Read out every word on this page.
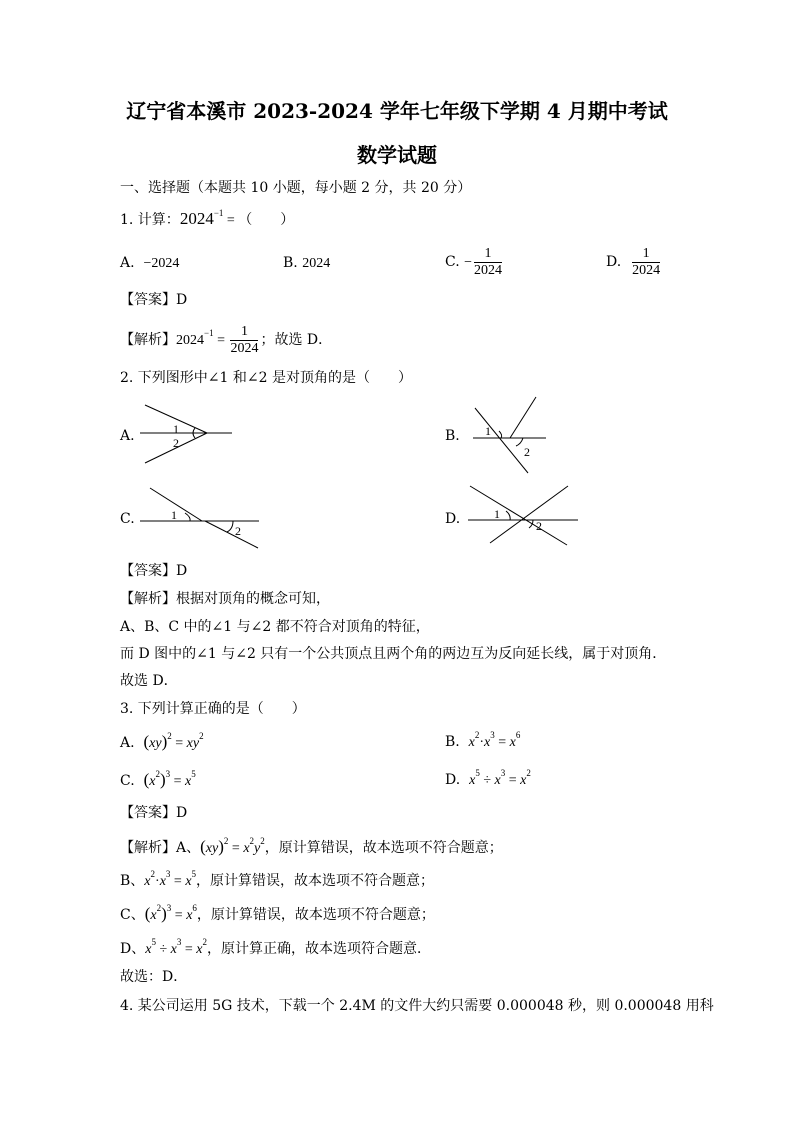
辽宁省本溪市 2023-2024 学年七年级下学期 4 月期中考试
数学试题
一、选择题（本题共 10 小题，每小题 2 分，共 20 分）
1. 计算：$2024^{-1}$ = （　　）
A. −2024	B. 2024	C. − $\frac{1}{2024}$	D. $\frac{1}{2024}$
【答案】D
【解析】$2024^{-1} = \frac{1}{2024}$ ；故选 D．
2. 下列图形中∠1 和∠2 是对顶角的是（　　）
A.	1
2	B. 1
2
C.	1
2
D.	1
2
【答案】D
【解析】根据对顶角的概念可知，
A、B、C 中的∠1 与∠2 都不符合对顶角的特征，
而 D 图中的∠1 与∠2 只有一个公共顶点且两个角的两边互为反向延长线，属于对顶角．
故选 D．
3. 下列计算正确的是（　　）
A. $(xy)^2 = xy^2$	B. $x^2\cdot x^3 = x^6$
C. $(x^2)^3 = x^5$	D. $x^5 \div x^3 = x^2$
【答案】D
【解析】A、$(xy)^2 = x^2y^2$，原计算错误，故本选项不符合题意；
B、$x^2\cdot x^3 = x^5$，原计算错误，故本选项不符合题意；
C、$(x^2)^3 = x^6$，原计算错误，故本选项不符合题意；
D、$x^5 \div x^3 = x^2$，原计算正确，故本选项符合题意．
故选：D．
4. 某公司运用 5G 技术，下载一个 2.4M 的文件大约只需要 0.000048 秒，则 0.000048 用科
